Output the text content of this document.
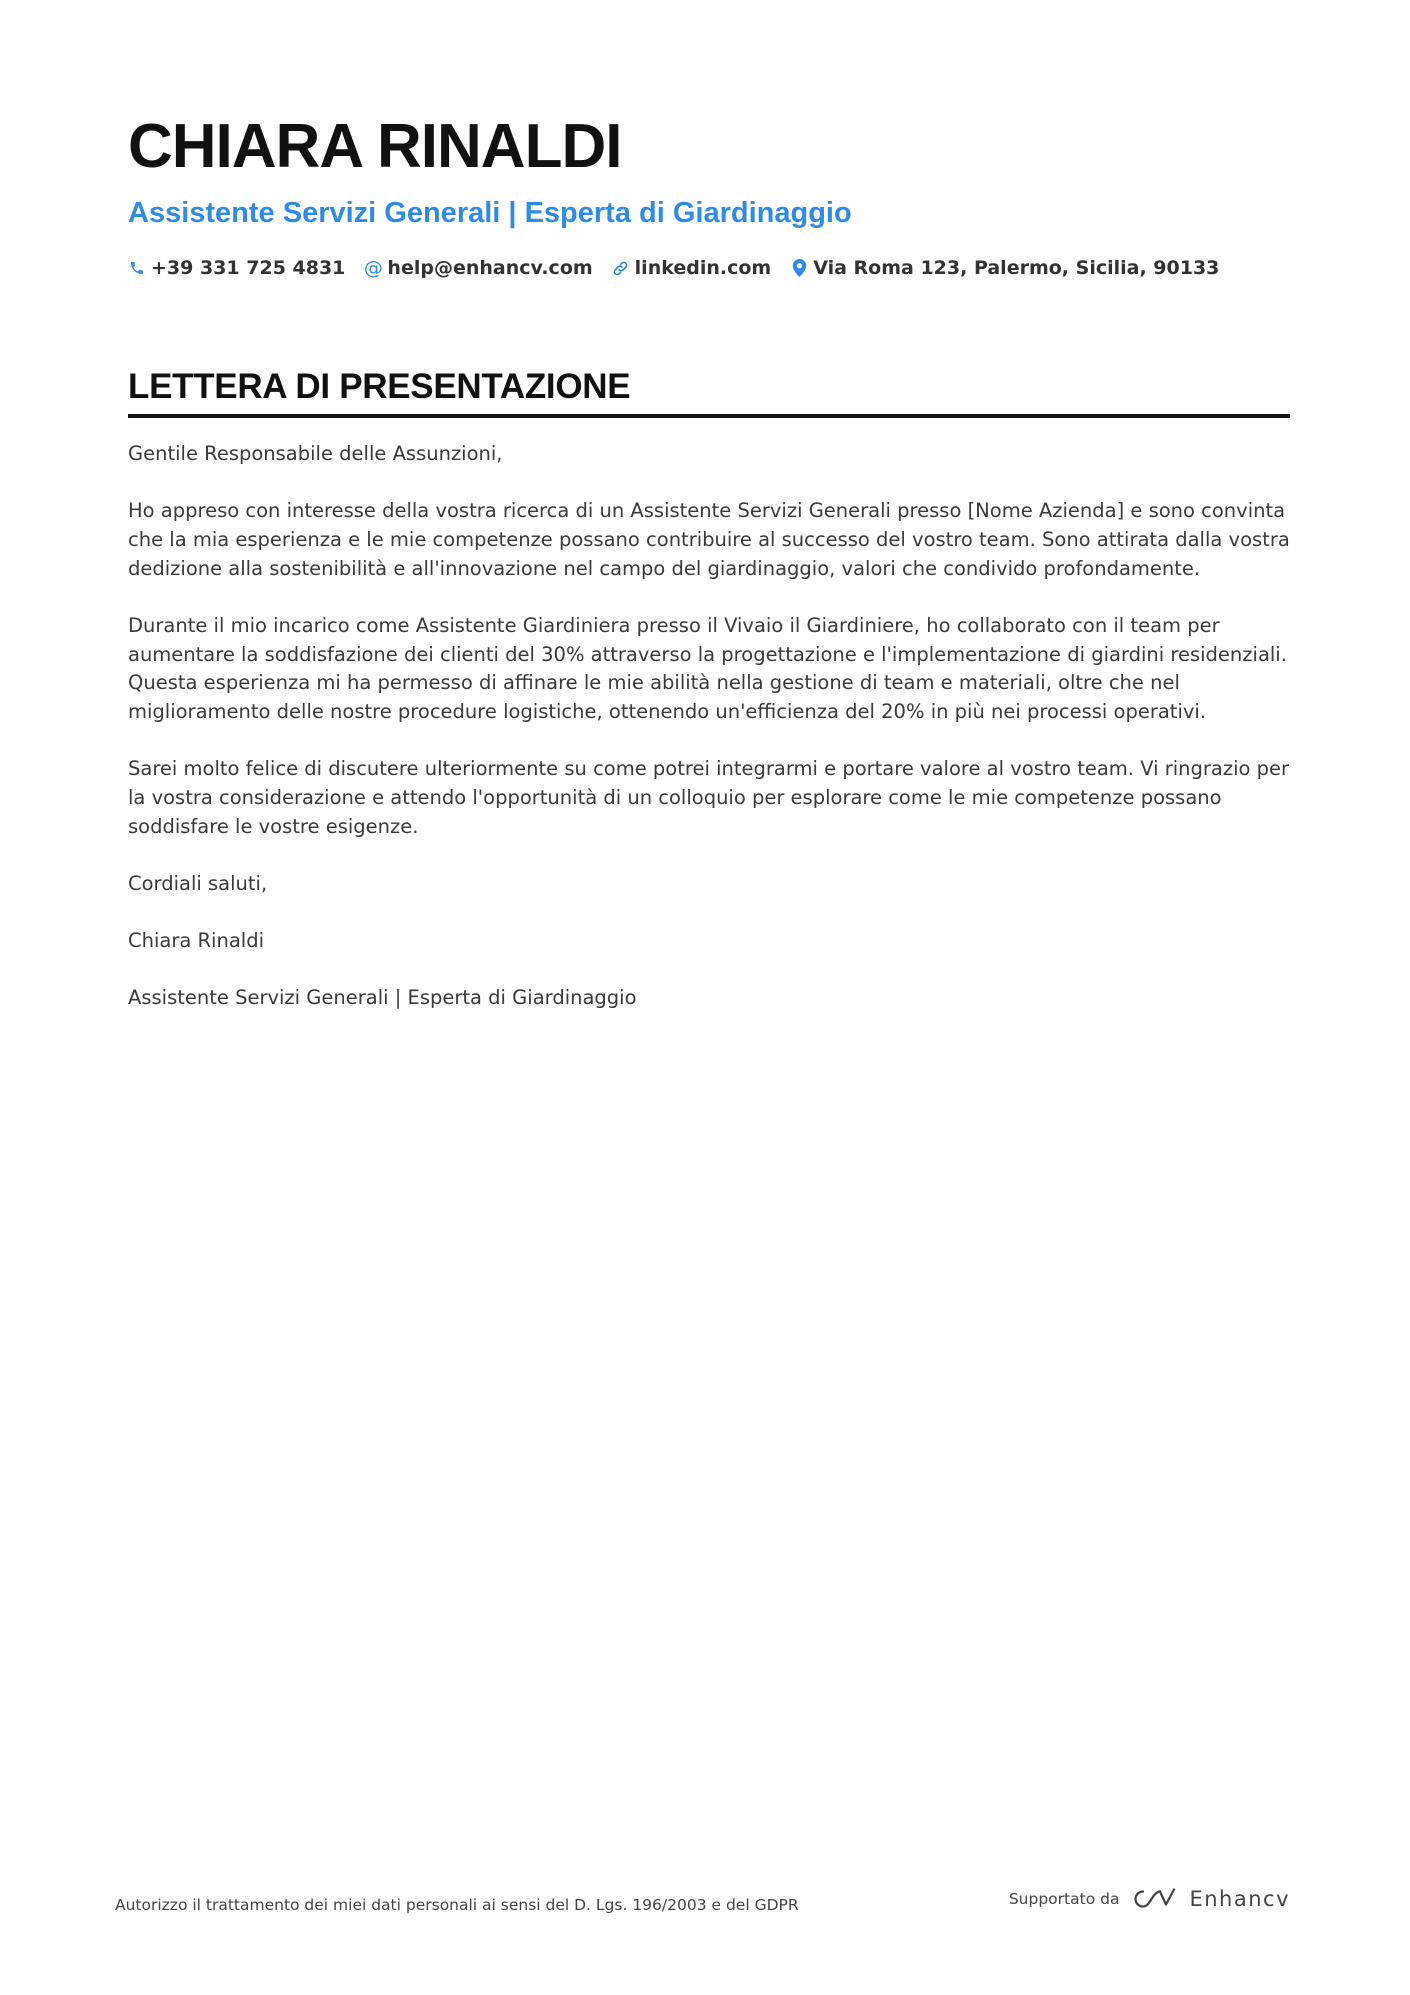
CHIARA RINALDI
Assistente Servizi Generali | Esperta di Giardinaggio
+39 331 725 4831 @ help@enhancv.com linkedin.com Via Roma 123, Palermo, Sicilia, 90133
LETTERA DI PRESENTAZIONE

Gentile Responsabile delle Assunzioni,

Ho appreso con interesse della vostra ricerca di un Assistente Servizi Generali presso [Nome Azienda] e sono convinta che la mia esperienza e le mie competenze possano contribuire al successo del vostro team. Sono attirata dalla vostra dedizione alla sostenibilità e all'innovazione nel campo del giardinaggio, valori che condivido profondamente.

Durante il mio incarico come Assistente Giardiniera presso il Vivaio il Giardiniere, ho collaborato con il team per aumentare la soddisfazione dei clienti del 30% attraverso la progettazione e l'implementazione di giardini residenziali. Questa esperienza mi ha permesso di affinare le mie abilità nella gestione di team e materiali, oltre che nel miglioramento delle nostre procedure logistiche, ottenendo un'efficienza del 20% in più nei processi operativi.

Sarei molto felice di discutere ulteriormente su come potrei integrarmi e portare valore al vostro team. Vi ringrazio per la vostra considerazione e attendo l'opportunità di un colloquio per esplorare come le mie competenze possano soddisfare le vostre esigenze.

Cordiali saluti,

Chiara Rinaldi

Assistente Servizi Generali | Esperta di Giardinaggio

Autorizzo il trattamento dei miei dati personali ai sensi del D. Lgs. 196/2003 e del GDPR	Supportato da	Enhancv
